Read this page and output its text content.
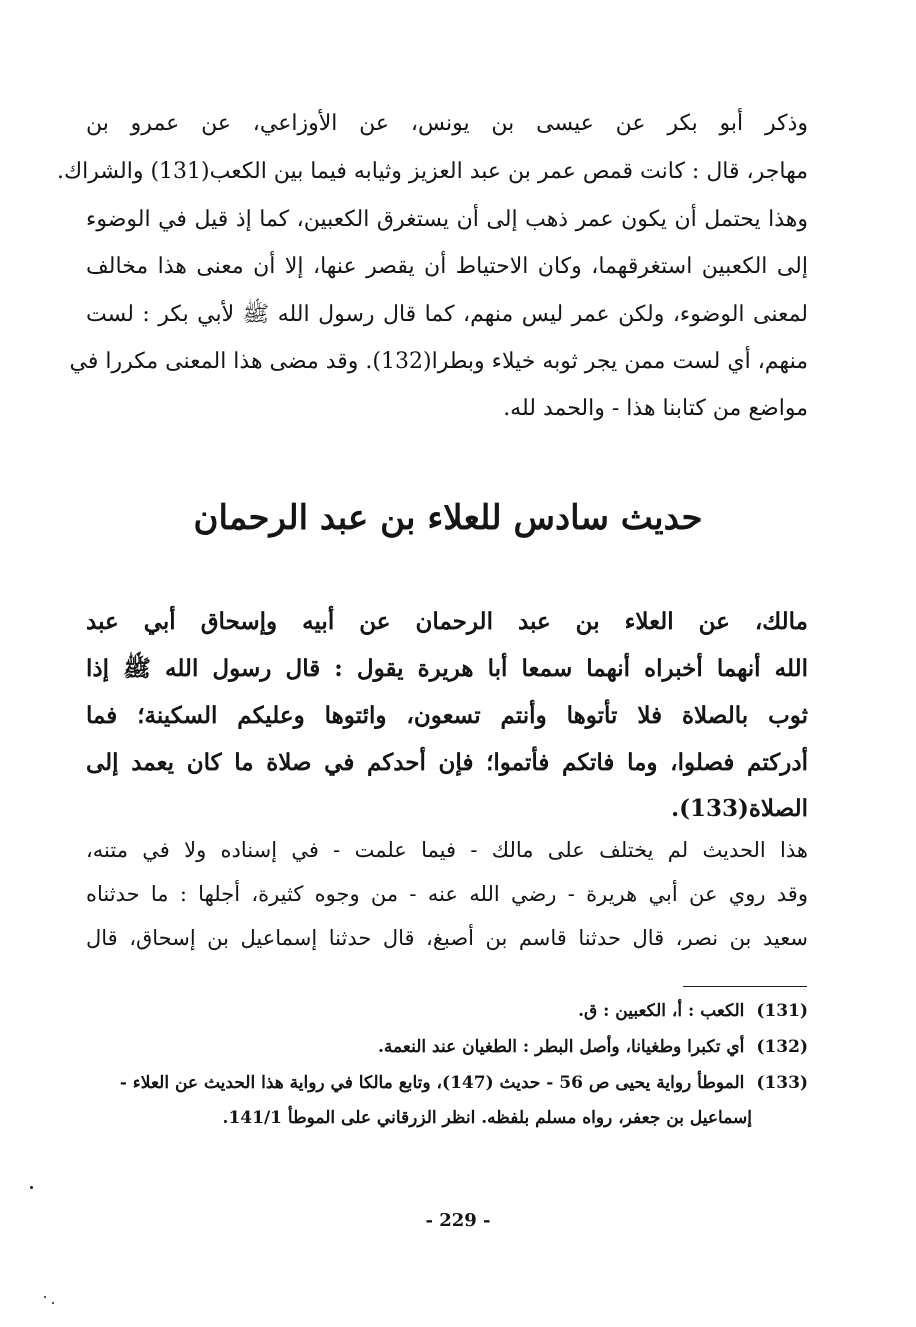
وذكر أبو بكر عن عيسى بن يونس، عن الأوزاعي، عن عمرو بن
مهاجر، قال : كانت قمص عمر بن عبد العزيز وثيابه فيما بين الكعب(131) والشراك.
وهذا يحتمل أن يكون عمر ذهب إلى أن يستغرق الكعبين، كما إذ قيل في الوضوء
إلى الكعبين استغرقهما، وكان الاحتياط أن يقصر عنها، إلا أن معنى هذا مخالف
لمعنى الوضوء، ولكن عمر ليس منهم، كما قال رسول الله ﷺ لأبي بكر : لست
منهم، أي لست ممن يجر ثوبه خيلاء وبطرا(132). وقد مضى هذا المعنى مكررا في
مواضع من كتابنا هذا - والحمد لله.
حديث سادس للعلاء بن عبد الرحمان
مالك، عن العلاء بن عبد الرحمان عن أبيه وإسحاق أبي عبد
الله أنهما أخبراه أنهما سمعا أبا هريرة يقول : قال رسول الله ﷺ إذا
ثوب بالصلاة فلا تأتوها وأنتم تسعون، وائتوها وعليكم السكينة؛ فما
أدركتم فصلوا، وما فاتكم فأتموا؛ فإن أحدكم في صلاة ما كان يعمد إلى
الصلاة(133).
هذا الحديث لم يختلف على مالك - فيما علمت - في إسناده ولا في متنه،
وقد روي عن أبي هريرة - رضي الله عنه - من وجوه كثيرة، أجلها : ما حدثناه
سعيد بن نصر، قال حدثنا قاسم بن أصبغ، قال حدثنا إسماعيل بن إسحاق، قال
(131)الكعب : أ، الكعبين : ق.
(132)أي تكبرا وطغيانا، وأصل البطر : الطغيان عند النعمة.
(133)الموطأ رواية يحيى ص 56 - حديث (147)، وتابع مالكا في رواية هذا الحديث عن العلاء -
إسماعيل بن جعفر، رواه مسلم بلفظه. انظر الزرقاني على الموطأ 141/1.
- 229 -
